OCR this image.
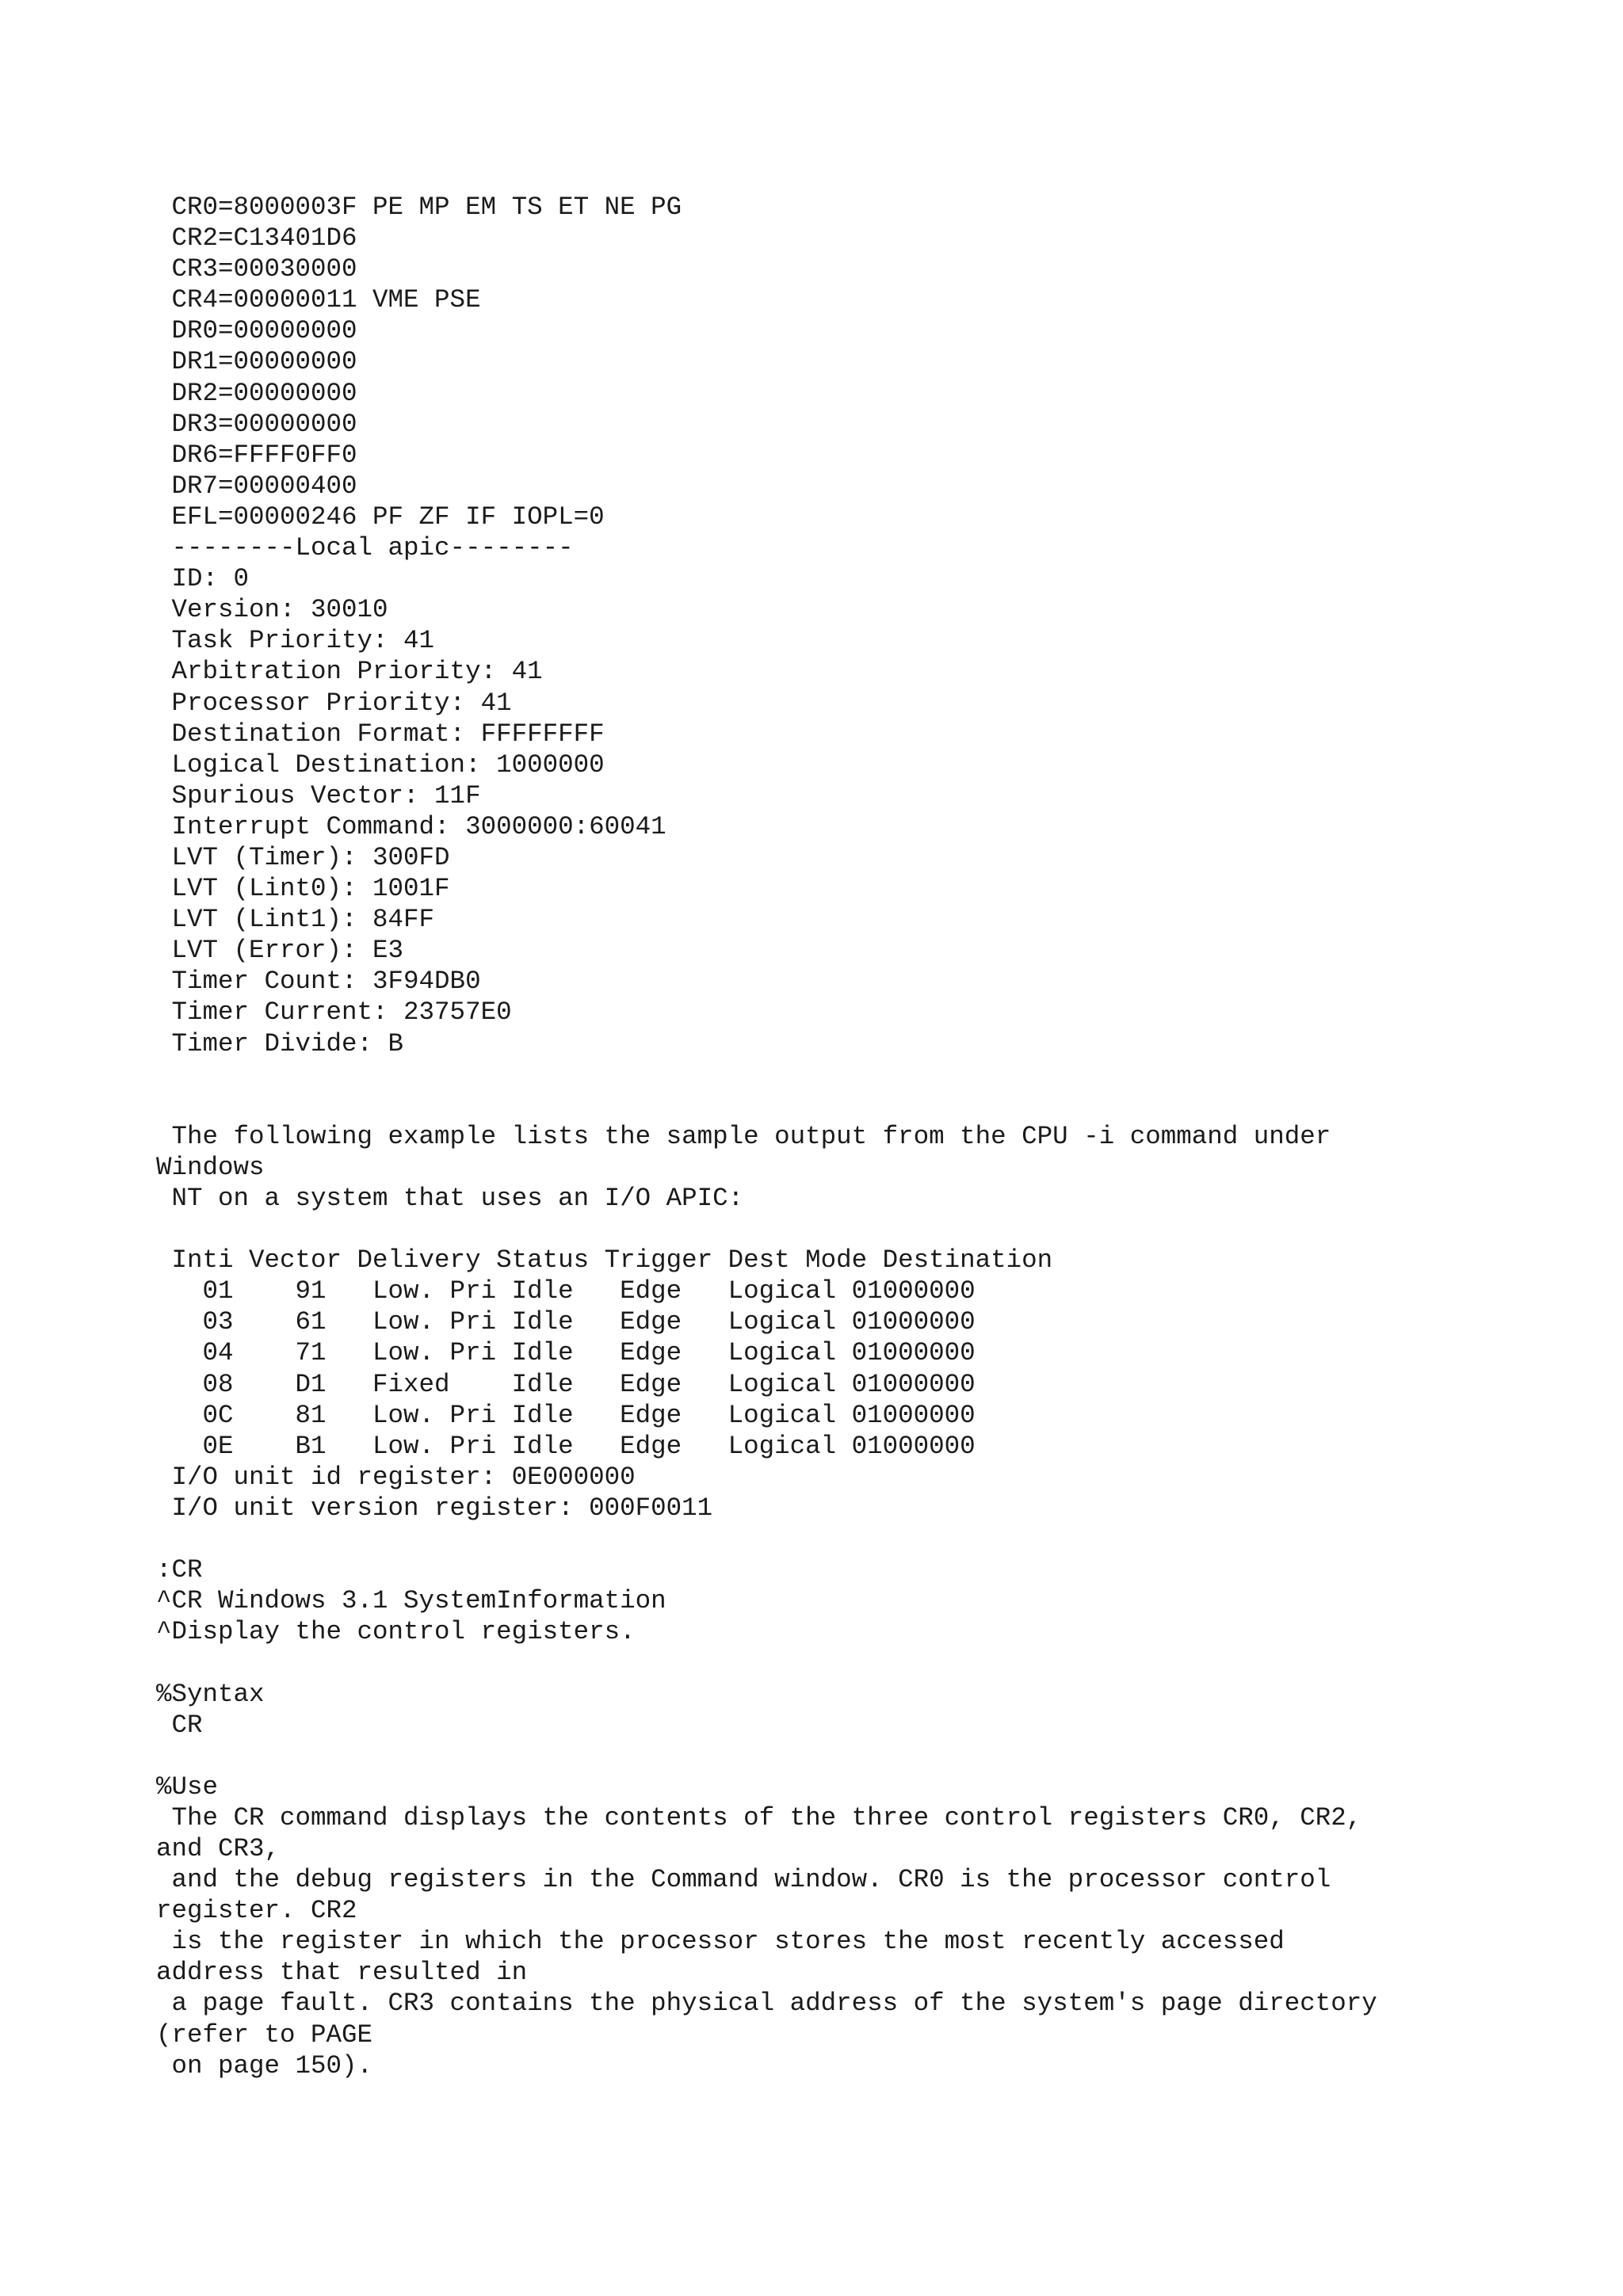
CR0=8000003F PE MP EM TS ET NE PG
CR2=C13401D6
CR3=00030000
CR4=00000011 VME PSE
DR0=00000000
DR1=00000000
DR2=00000000
DR3=00000000
DR6=FFFF0FF0
DR7=00000400
EFL=00000246 PF ZF IF IOPL=0
--------Local apic--------
ID: 0
Version: 30010
Task Priority: 41
Arbitration Priority: 41
Processor Priority: 41
Destination Format: FFFFFFFF
Logical Destination: 1000000
Spurious Vector: 11F
Interrupt Command: 3000000:60041
LVT (Timer): 300FD
LVT (Lint0): 1001F
LVT (Lint1): 84FF
LVT (Error): E3
Timer Count: 3F94DB0
Timer Current: 23757E0
Timer Divide: B
The following example lists the sample output from the CPU -i command under
Windows
NT on a system that uses an I/O APIC:
Inti Vector Delivery Status Trigger Dest Mode Destination
01    91   Low. Pri Idle   Edge   Logical 01000000
03    61   Low. Pri Idle   Edge   Logical 01000000
04    71   Low. Pri Idle   Edge   Logical 01000000
08    D1   Fixed    Idle   Edge   Logical 01000000
0C    81   Low. Pri Idle   Edge   Logical 01000000
0E    B1   Low. Pri Idle   Edge   Logical 01000000
I/O unit id register: 0E000000
I/O unit version register: 000F0011
:CR
^CR Windows 3.1 SystemInformation
^Display the control registers.
%Syntax
CR
%Use
The CR command displays the contents of the three control registers CR0, CR2,
and CR3,
and the debug registers in the Command window. CR0 is the processor control
register. CR2
is the register in which the processor stores the most recently accessed
address that resulted in
a page fault. CR3 contains the physical address of the system's page directory
(refer to PAGE
on page 150).
